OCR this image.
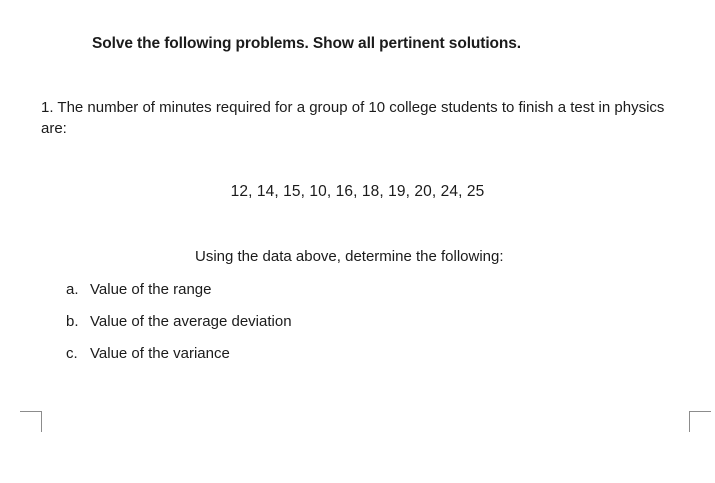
Solve the following problems. Show all pertinent solutions.
1. The number of minutes required for a group of 10 college students to finish a test in physics are:
12, 14, 15, 10, 16, 18, 19, 20, 24, 25
Using the data above, determine the following:
a. Value of the range
b. Value of the average deviation
c. Value of the variance
